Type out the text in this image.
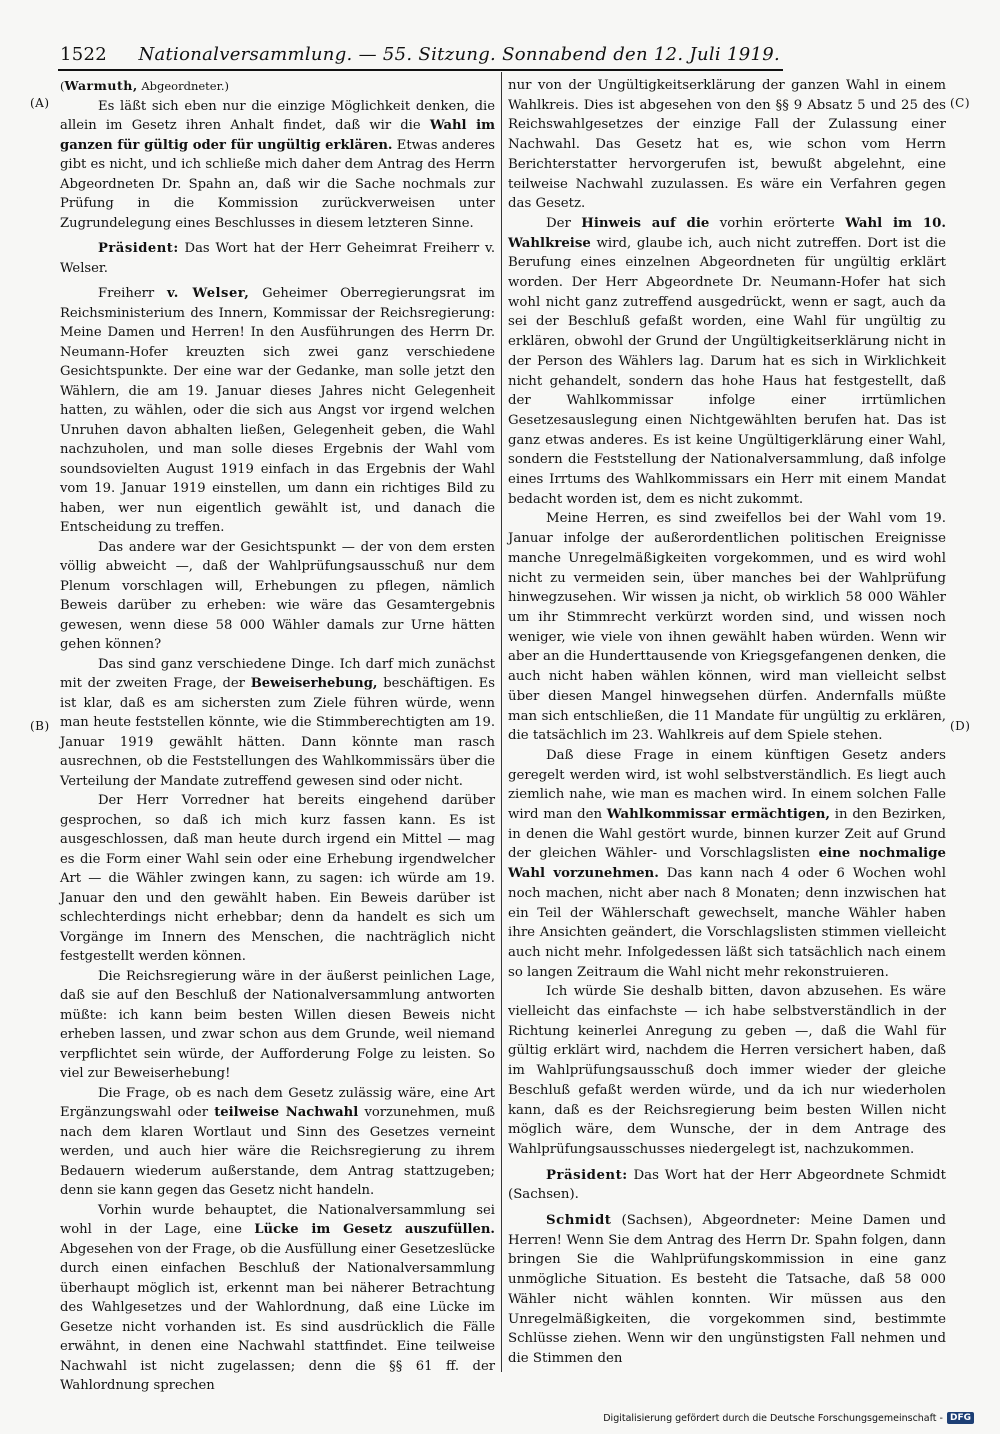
1522 Nationalversammlung. — 55. Sitzung. Sonnabend den 12. Juli 1919.
(A)
(B)
(C)
(D)

(Warmuth, Abgeordneter.)

Es läßt sich eben nur die einzige Möglichkeit denken, die allein im Gesetz ihren Anhalt findet, daß wir die Wahl im ganzen für gültig oder für ungültig erklären. Etwas anderes gibt es nicht, und ich schließe mich daher dem Antrag des Herrn Abgeordneten Dr. Spahn an, daß wir die Sache nochmals zur Prüfung in die Kommission zurückverweisen unter Zugrundelegung eines Beschlusses in diesem letzteren Sinne.

Präsident: Das Wort hat der Herr Geheimrat Freiherr v. Welser.

Freiherr v. Welser, Geheimer Oberregierungsrat im Reichsministerium des Innern, Kommissar der Reichsregierung: Meine Damen und Herren! In den Ausführungen des Herrn Dr. Neumann-Hofer kreuzten sich zwei ganz verschiedene Gesichtspunkte. Der eine war der Gedanke, man solle jetzt den Wählern, die am 19. Januar dieses Jahres nicht Gelegenheit hatten, zu wählen, oder die sich aus Angst vor irgend welchen Unruhen davon abhalten ließen, Gelegenheit geben, die Wahl nachzuholen, und man solle dieses Ergebnis der Wahl vom soundsovielten August 1919 einfach in das Ergebnis der Wahl vom 19. Januar 1919 einstellen, um dann ein richtiges Bild zu haben, wer nun eigentlich gewählt ist, und danach die Entscheidung zu treffen.

Das andere war der Gesichtspunkt — der von dem ersten völlig abweicht —, daß der Wahlprüfungsausschuß nur dem Plenum vorschlagen will, Erhebungen zu pflegen, nämlich Beweis darüber zu erheben: wie wäre das Gesamtergebnis gewesen, wenn diese 58 000 Wähler damals zur Urne hätten gehen können?

Das sind ganz verschiedene Dinge. Ich darf mich zunächst mit der zweiten Frage, der Beweiserhebung, beschäftigen. Es ist klar, daß es am sichersten zum Ziele führen würde, wenn man heute feststellen könnte, wie die Stimmberechtigten am 19. Januar 1919 gewählt hätten. Dann könnte man rasch ausrechnen, ob die Feststellungen des Wahlkommissärs über die Verteilung der Mandate zutreffend gewesen sind oder nicht.

Der Herr Vorredner hat bereits eingehend darüber gesprochen, so daß ich mich kurz fassen kann. Es ist ausgeschlossen, daß man heute durch irgend ein Mittel — mag es die Form einer Wahl sein oder eine Erhebung irgendwelcher Art — die Wähler zwingen kann, zu sagen: ich würde am 19. Januar den und den gewählt haben. Ein Beweis darüber ist schlechterdings nicht erhebbar; denn da handelt es sich um Vorgänge im Innern des Menschen, die nachträglich nicht festgestellt werden können.

Die Reichsregierung wäre in der äußerst peinlichen Lage, daß sie auf den Beschluß der Nationalversammlung antworten müßte: ich kann beim besten Willen diesen Beweis nicht erheben lassen, und zwar schon aus dem Grunde, weil niemand verpflichtet sein würde, der Aufforderung Folge zu leisten. So viel zur Beweiserhebung!

Die Frage, ob es nach dem Gesetz zulässig wäre, eine Art Ergänzungswahl oder teilweise Nachwahl vorzunehmen, muß nach dem klaren Wortlaut und Sinn des Gesetzes verneint werden, und auch hier wäre die Reichsregierung zu ihrem Bedauern wiederum außerstande, dem Antrag stattzugeben; denn sie kann gegen das Gesetz nicht handeln.

Vorhin wurde behauptet, die Nationalversammlung sei wohl in der Lage, eine Lücke im Gesetz auszufüllen. Abgesehen von der Frage, ob die Ausfüllung einer Gesetzeslücke durch einen einfachen Beschluß der Nationalversammlung überhaupt möglich ist, erkennt man bei näherer Betrachtung des Wahlgesetzes und der Wahlordnung, daß eine Lücke im Gesetze nicht vorhanden ist. Es sind ausdrücklich die Fälle erwähnt, in denen eine Nachwahl stattfindet. Eine teilweise Nachwahl ist nicht zugelassen; denn die §§ 61 ff. der Wahlordnung sprechen

nur von der Ungültigkeitserklärung der ganzen Wahl in einem Wahlkreis. Dies ist abgesehen von den §§ 9 Absatz 5 und 25 des Reichswahlgesetzes der einzige Fall der Zulassung einer Nachwahl. Das Gesetz hat es, wie schon vom Herrn Berichterstatter hervorgerufen ist, bewußt abgelehnt, eine teilweise Nachwahl zuzulassen. Es wäre ein Verfahren gegen das Gesetz.

Der Hinweis auf die vorhin erörterte Wahl im 10. Wahlkreise wird, glaube ich, auch nicht zutreffen. Dort ist die Berufung eines einzelnen Abgeordneten für ungültig erklärt worden. Der Herr Abgeordnete Dr. Neumann-Hofer hat sich wohl nicht ganz zutreffend ausgedrückt, wenn er sagt, auch da sei der Beschluß gefaßt worden, eine Wahl für ungültig zu erklären, obwohl der Grund der Ungültigkeitserklärung nicht in der Person des Wählers lag. Darum hat es sich in Wirklichkeit nicht gehandelt, sondern das hohe Haus hat festgestellt, daß der Wahlkommissar infolge einer irrtümlichen Gesetzesauslegung einen Nichtgewählten berufen hat. Das ist ganz etwas anderes. Es ist keine Ungültigerklärung einer Wahl, sondern die Feststellung der Nationalversammlung, daß infolge eines Irrtums des Wahlkommissars ein Herr mit einem Mandat bedacht worden ist, dem es nicht zukommt.

Meine Herren, es sind zweifellos bei der Wahl vom 19. Januar infolge der außerordentlichen politischen Ereignisse manche Unregelmäßigkeiten vorgekommen, und es wird wohl nicht zu vermeiden sein, über manches bei der Wahlprüfung hinwegzusehen. Wir wissen ja nicht, ob wirklich 58 000 Wähler um ihr Stimmrecht verkürzt worden sind, und wissen noch weniger, wie viele von ihnen gewählt haben würden. Wenn wir aber an die Hunderttausende von Kriegsgefangenen denken, die auch nicht haben wählen können, wird man vielleicht selbst über diesen Mangel hinwegsehen dürfen. Andernfalls müßte man sich entschließen, die 11 Mandate für ungültig zu erklären, die tatsächlich im 23. Wahlkreis auf dem Spiele stehen.

Daß diese Frage in einem künftigen Gesetz anders geregelt werden wird, ist wohl selbstverständlich. Es liegt auch ziemlich nahe, wie man es machen wird. In einem solchen Falle wird man den Wahlkommissar ermächtigen, in den Bezirken, in denen die Wahl gestört wurde, binnen kurzer Zeit auf Grund der gleichen Wähler- und Vorschlagslisten eine nochmalige Wahl vorzunehmen. Das kann nach 4 oder 6 Wochen wohl noch machen, nicht aber nach 8 Monaten; denn inzwischen hat ein Teil der Wählerschaft gewechselt, manche Wähler haben ihre Ansichten geändert, die Vorschlagslisten stimmen vielleicht auch nicht mehr. Infolgedessen läßt sich tatsächlich nach einem so langen Zeitraum die Wahl nicht mehr rekonstruieren.

Ich würde Sie deshalb bitten, davon abzusehen. Es wäre vielleicht das einfachste — ich habe selbstverständlich in der Richtung keinerlei Anregung zu geben —, daß die Wahl für gültig erklärt wird, nachdem die Herren versichert haben, daß im Wahlprüfungsausschuß doch immer wieder der gleiche Beschluß gefaßt werden würde, und da ich nur wiederholen kann, daß es der Reichsregierung beim besten Willen nicht möglich wäre, dem Wunsche, der in dem Antrage des Wahlprüfungsausschusses niedergelegt ist, nachzukommen.

Präsident: Das Wort hat der Herr Abgeordnete Schmidt (Sachsen).

Schmidt (Sachsen), Abgeordneter: Meine Damen und Herren! Wenn Sie dem Antrag des Herrn Dr. Spahn folgen, dann bringen Sie die Wahlprüfungskommission in eine ganz unmögliche Situation. Es besteht die Tatsache, daß 58 000 Wähler nicht wählen konnten. Wir müssen aus den Unregelmäßigkeiten, die vorgekommen sind, bestimmte Schlüsse ziehen. Wenn wir den ungünstigsten Fall nehmen und die Stimmen den

Digitalisierung gefördert durch die Deutsche Forschungsgemeinschaft - DFG
